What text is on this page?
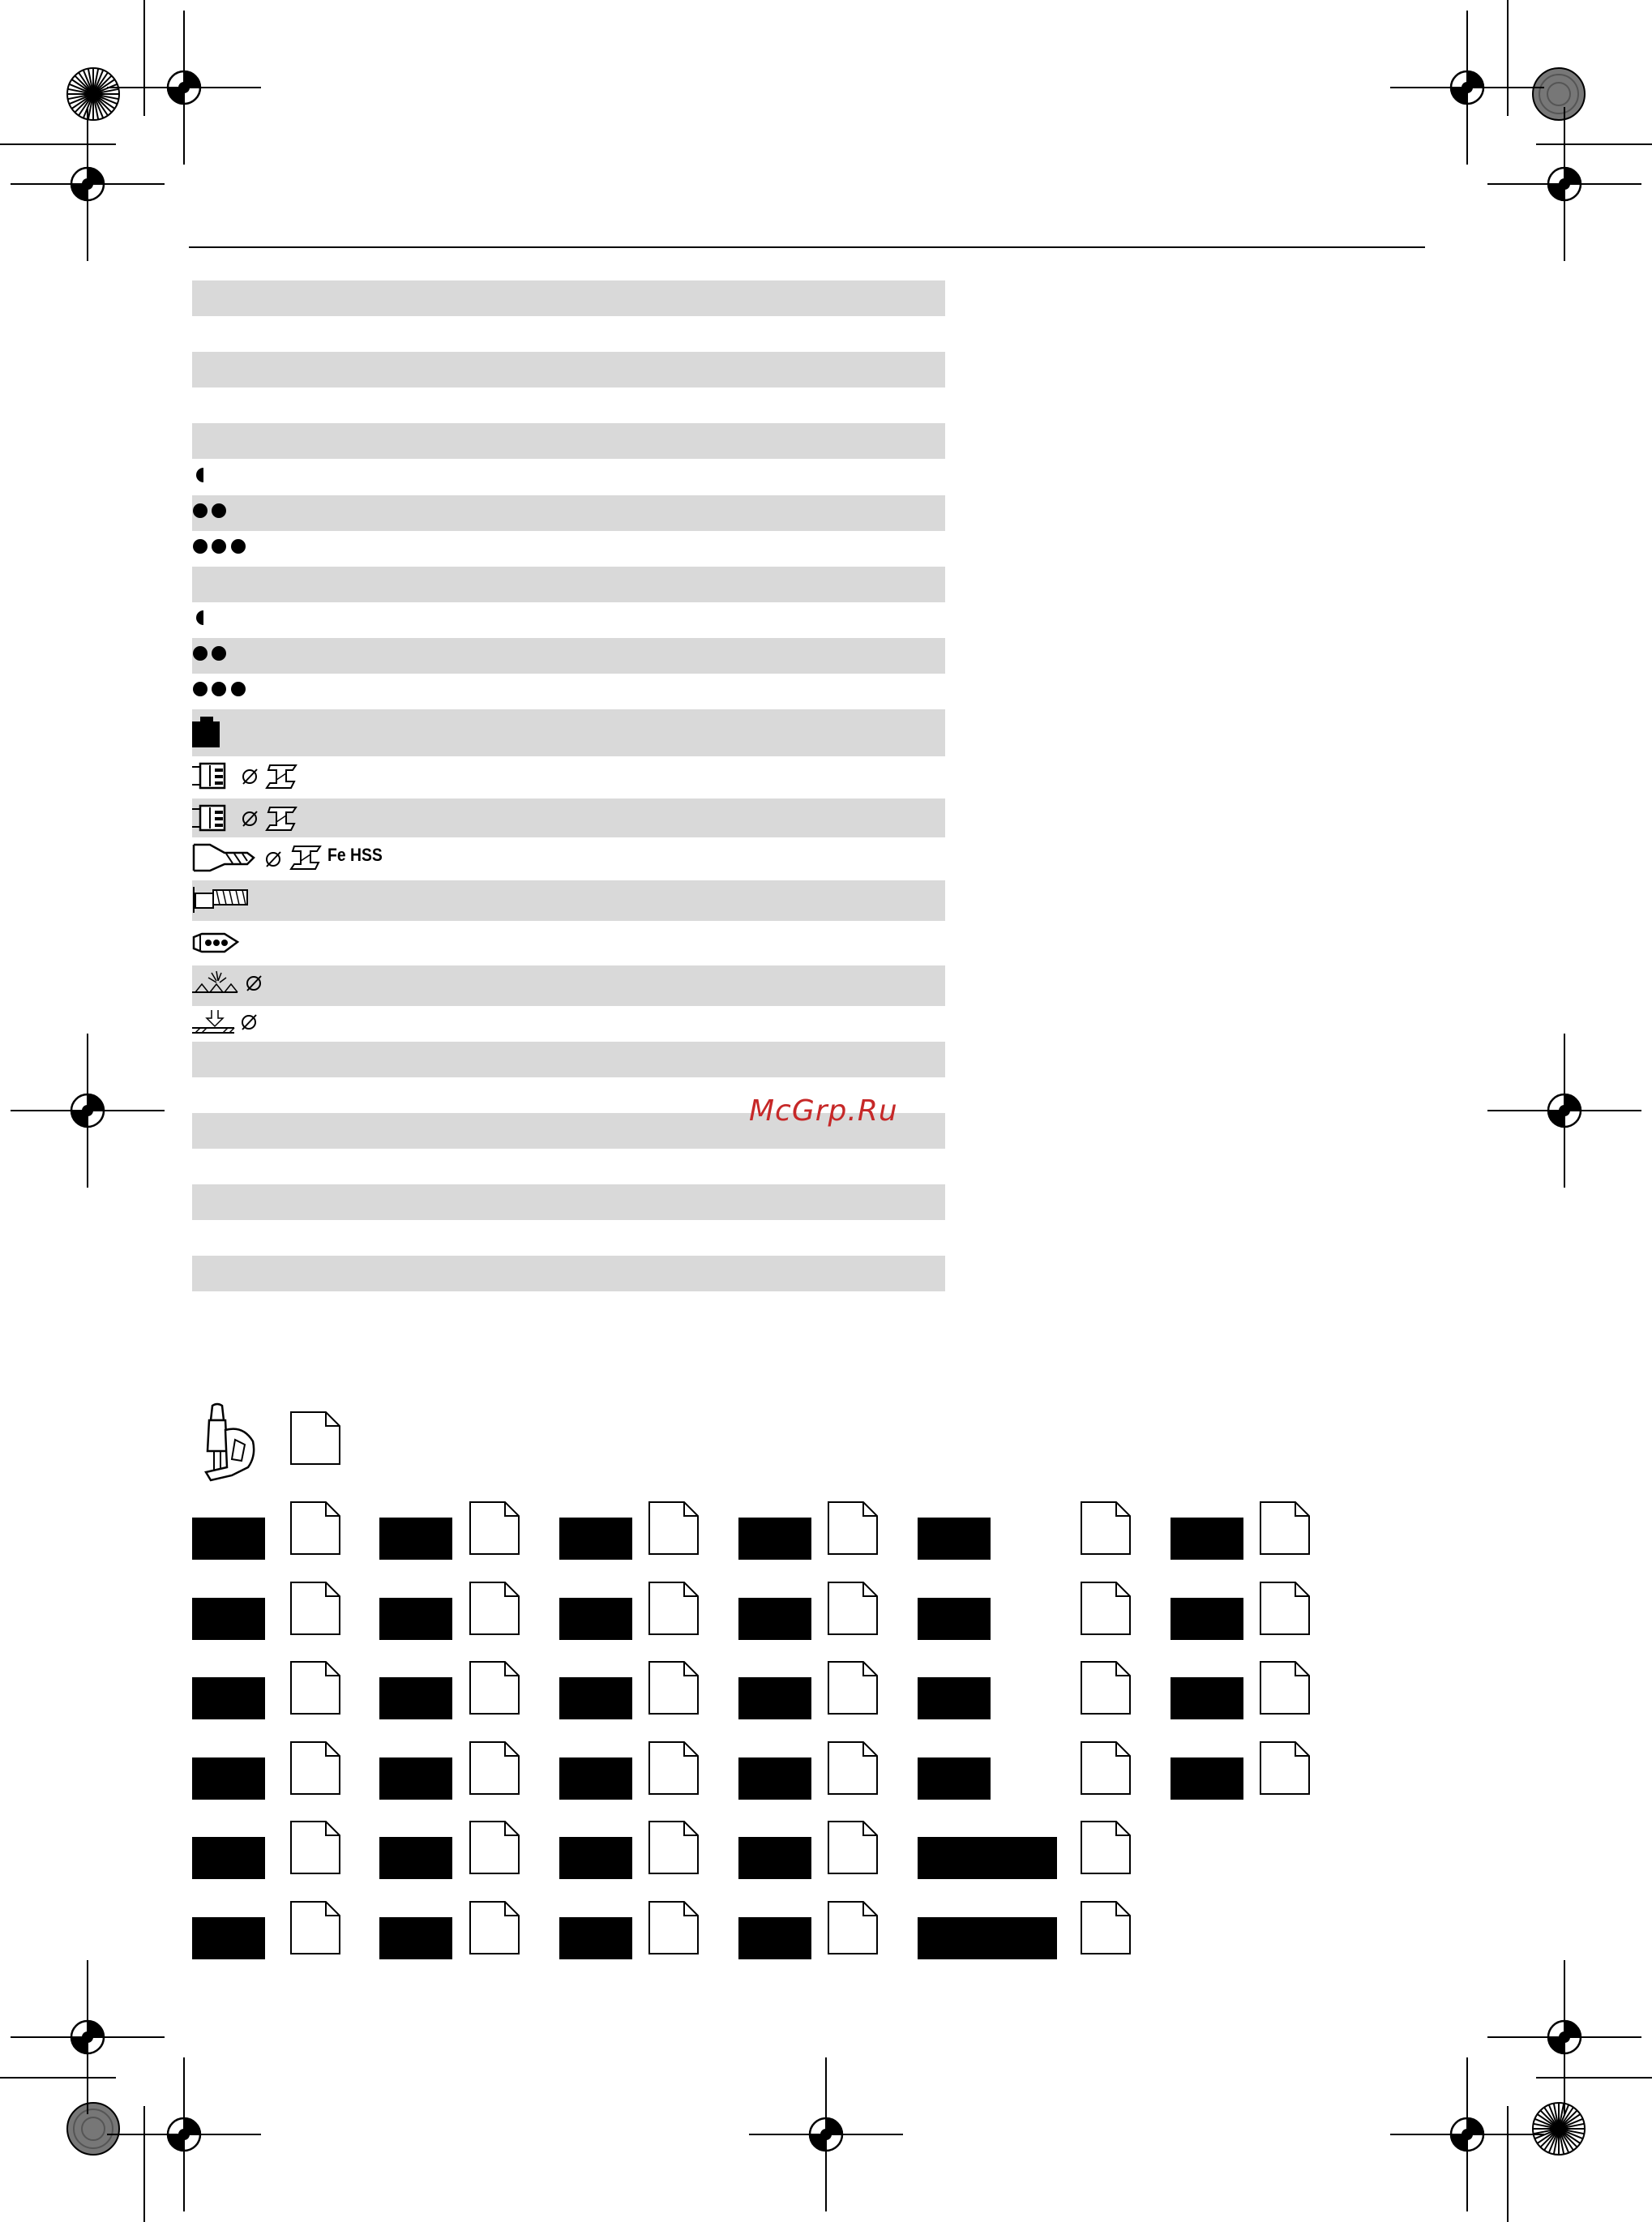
Fe HSS
McGrp.Ru
